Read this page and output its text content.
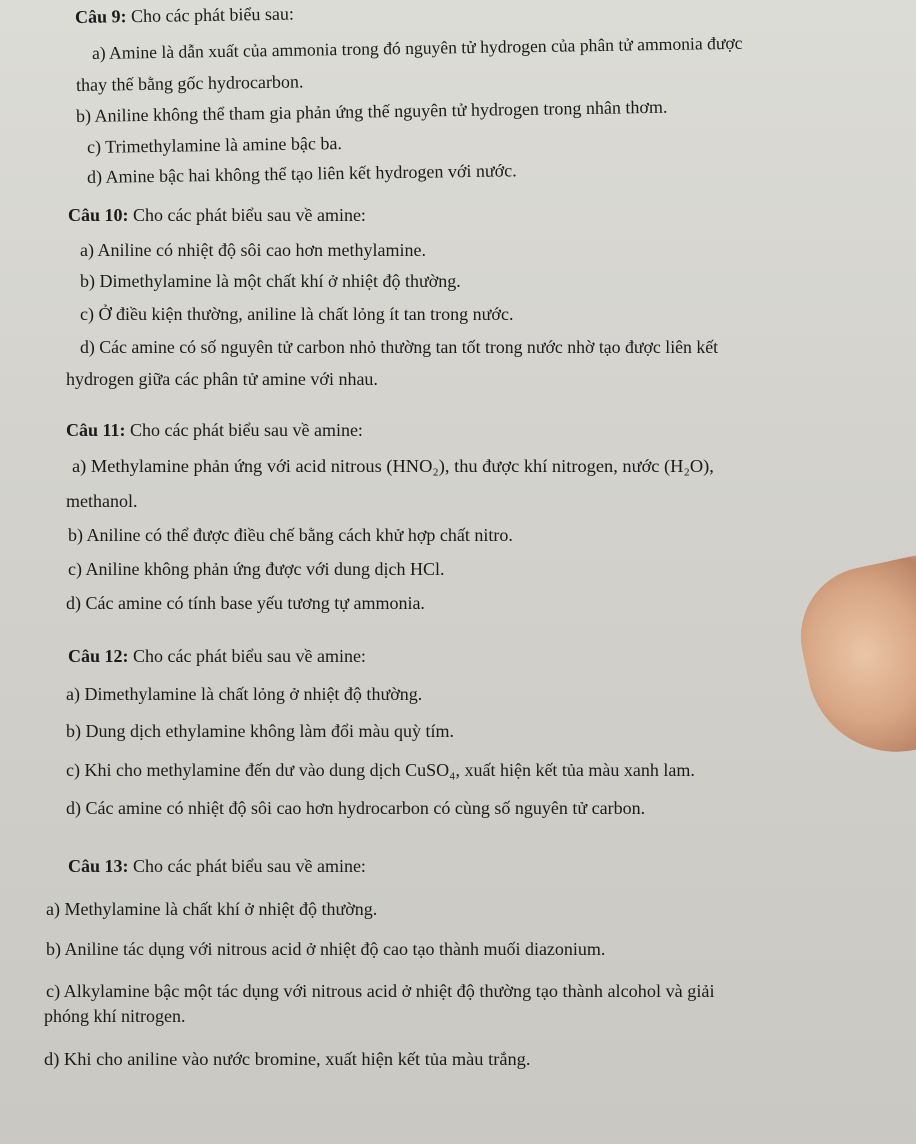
Câu 9: Cho các phát biểu sau:
a) Amine là dẫn xuất của ammonia trong đó nguyên tử hydrogen của phân tử ammonia được
thay thế bằng gốc hydrocarbon.
b) Aniline không thể tham gia phản ứng thế nguyên tử hydrogen trong nhân thơm.
c) Trimethylamine là amine bậc ba.
d) Amine bậc hai không thể tạo liên kết hydrogen với nước.
Câu 10: Cho các phát biểu sau về amine:
a) Aniline có nhiệt độ sôi cao hơn methylamine.
b) Dimethylamine là một chất khí ở nhiệt độ thường.
c) Ở điều kiện thường, aniline là chất lỏng ít tan trong nước.
d) Các amine có số nguyên tử carbon nhỏ thường tan tốt trong nước nhờ tạo được liên kết
hydrogen giữa các phân tử amine với nhau.
Câu 11: Cho các phát biểu sau về amine:
a) Methylamine phản ứng với acid nitrous (HNO₂), thu được khí nitrogen, nước (H₂O),
methanol.
b) Aniline có thể được điều chế bằng cách khử hợp chất nitro.
c) Aniline không phản ứng được với dung dịch HCl.
d) Các amine có tính base yếu tương tự ammonia.
Câu 12: Cho các phát biểu sau về amine:
a) Dimethylamine là chất lỏng ở nhiệt độ thường.
b) Dung dịch ethylamine không làm đổi màu quỳ tím.
c) Khi cho methylamine đến dư vào dung dịch CuSO₄, xuất hiện kết tủa màu xanh lam.
d) Các amine có nhiệt độ sôi cao hơn hydrocarbon có cùng số nguyên tử carbon.
Câu 13: Cho các phát biểu sau về amine:
a) Methylamine là chất khí ở nhiệt độ thường.
b) Aniline tác dụng với nitrous acid ở nhiệt độ cao tạo thành muối diazonium.
c) Alkylamine bậc một tác dụng với nitrous acid ở nhiệt độ thường tạo thành alcohol và giải
phóng khí nitrogen.
d) Khi cho aniline vào nước bromine, xuất hiện kết tủa màu trắng.
